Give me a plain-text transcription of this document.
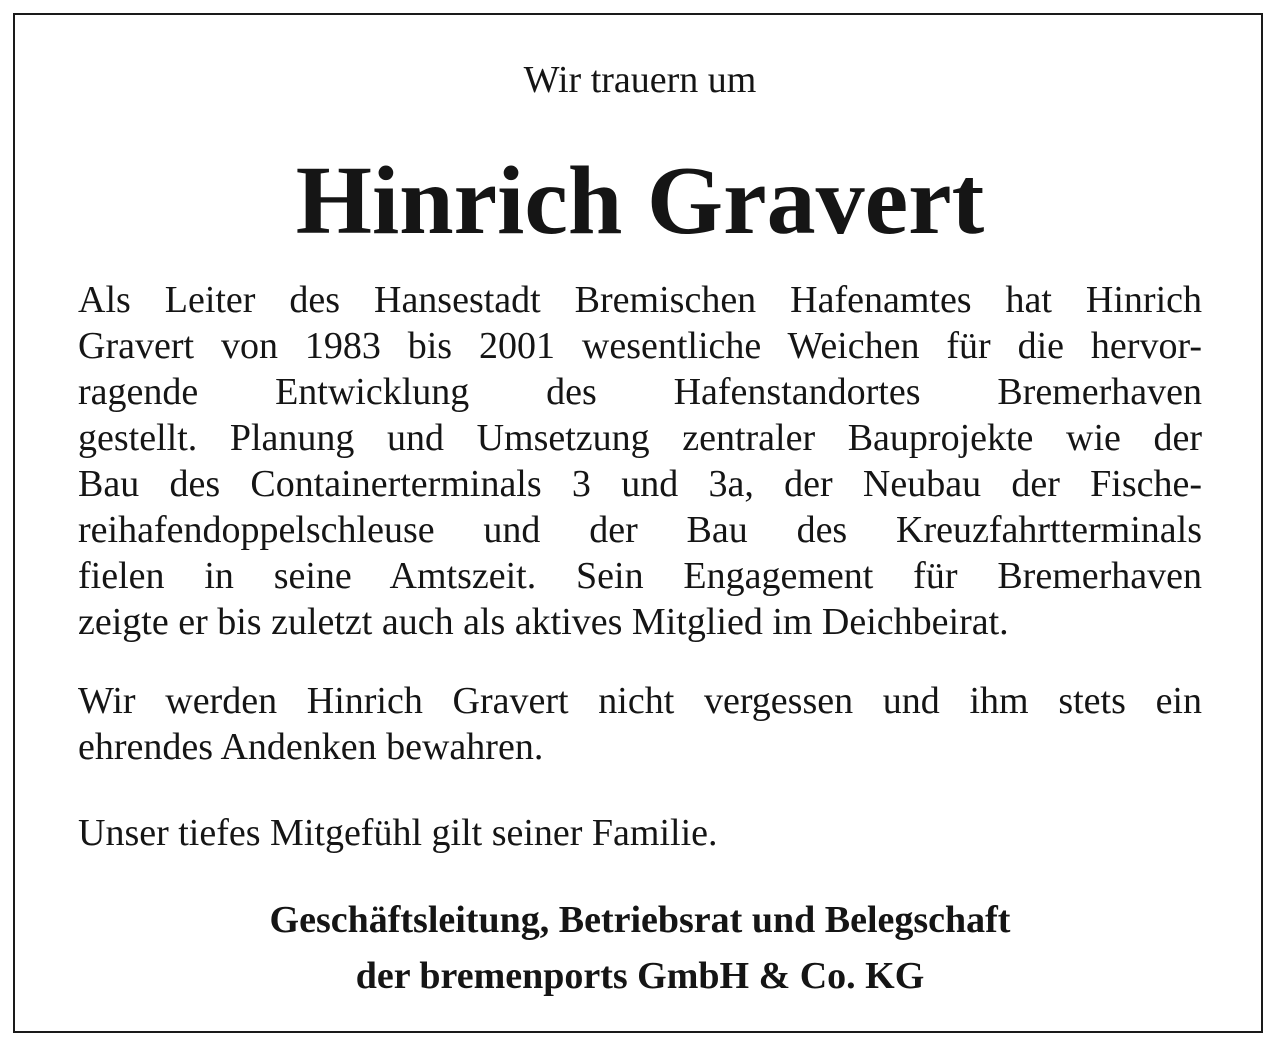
Wir trauern um
Hinrich Gravert
Als Leiter des Hansestadt Bremischen Hafenamtes hat Hinrich
Gravert von 1983 bis 2001 wesentliche Weichen für die hervor-
ragende Entwicklung des Hafenstandortes Bremerhaven
gestellt. Planung und Umsetzung zentraler Bauprojekte wie der
Bau des Containerterminals 3 und 3a, der Neubau der Fische-
reihafendoppelschleuse und der Bau des Kreuzfahrtterminals
fielen in seine Amtszeit. Sein Engagement für Bremerhaven
zeigte er bis zuletzt auch als aktives Mitglied im Deichbeirat.
Wir werden Hinrich Gravert nicht vergessen und ihm stets ein
ehrendes Andenken bewahren.
Unser tiefes Mitgefühl gilt seiner Familie.
Geschäftsleitung, Betriebsrat und Belegschaft
der bremenports GmbH & Co. KG
